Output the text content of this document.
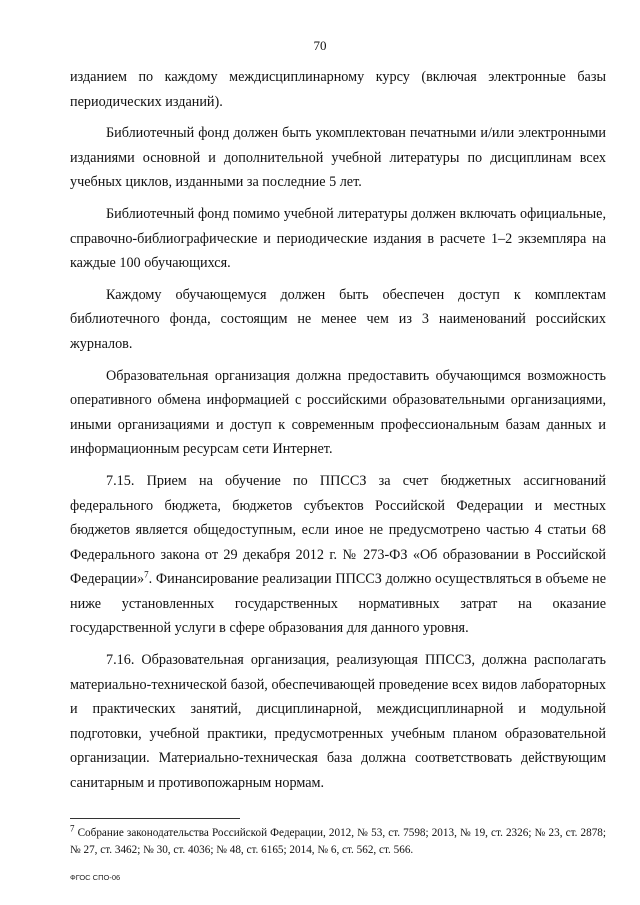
70

изданием по каждому междисциплинарному курсу (включая электронные базы периодических изданий).

Библиотечный фонд должен быть укомплектован печатными и/или электронными изданиями основной и дополнительной учебной литературы по дисциплинам всех учебных циклов, изданными за последние 5 лет.

Библиотечный фонд помимо учебной литературы должен включать официальные, справочно-библиографические и периодические издания в расчете 1–2 экземпляра на каждые 100 обучающихся.

Каждому обучающемуся должен быть обеспечен доступ к комплектам библиотечного фонда, состоящим не менее чем из 3 наименований российских журналов.

Образовательная организация должна предоставить обучающимся возможность оперативного обмена информацией с российскими образовательными организациями, иными организациями и доступ к современным профессиональным базам данных и информационным ресурсам сети Интернет.

7.15. Прием на обучение по ППССЗ за счет бюджетных ассигнований федерального бюджета, бюджетов субъектов Российской Федерации и местных бюджетов является общедоступным, если иное не предусмотрено частью 4 статьи 68 Федерального закона от 29 декабря 2012 г. № 273-ФЗ «Об образовании в Российской Федерации»$^7$. Финансирование реализации ППССЗ должно осуществляться в объеме не ниже установленных государственных нормативных затрат на оказание государственной услуги в сфере образования для данного уровня.

7.16. Образовательная организация, реализующая ППССЗ, должна располагать материально-технической базой, обеспечивающей проведение всех видов лабораторных и практических занятий, дисциплинарной, междисциплинарной и модульной подготовки, учебной практики, предусмотренных учебным планом образовательной организации. Материально-техническая база должна соответствовать действующим санитарным и противопожарным нормам.

$^7$ Собрание законодательства Российской Федерации, 2012, № 53, ст. 7598; 2013, № 19, ст. 2326; № 23, ст. 2878; № 27, ст. 3462; № 30, ст. 4036; № 48, ст. 6165; 2014, № 6, ст. 562, ст. 566.
ФГОС СПО-06
